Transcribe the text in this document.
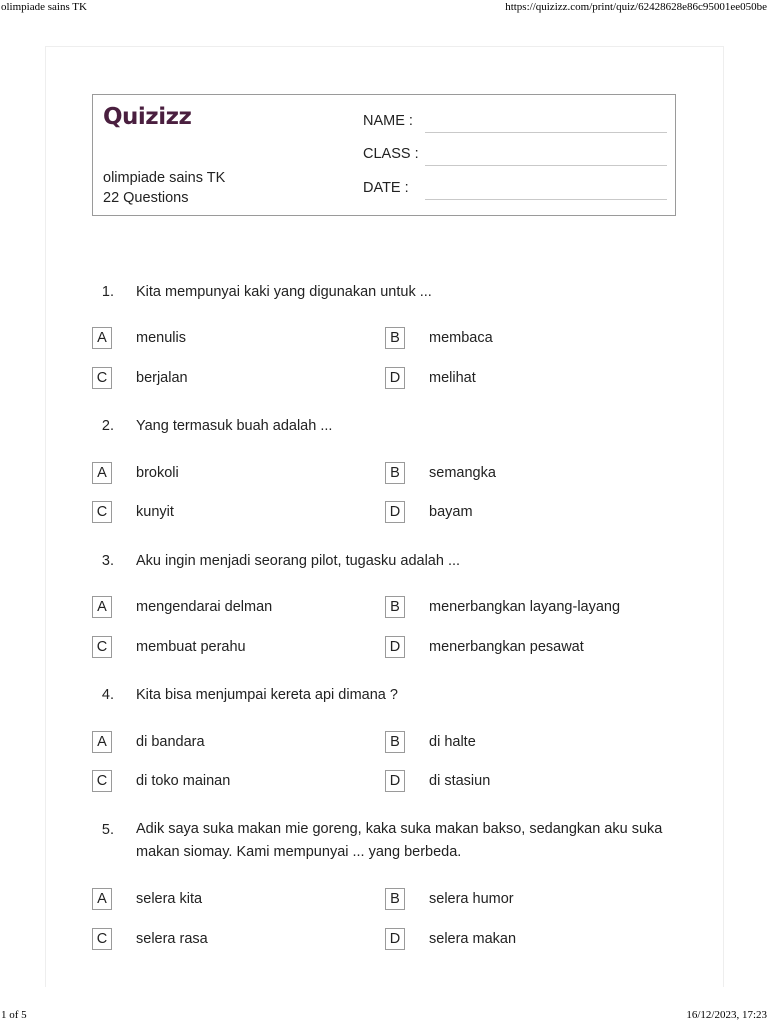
olimpiade sains TK	https://quizizz.com/print/quiz/62428628e86c95001ee050be
Quizizz
olimpiade sains TK
22 Questions
NAME :
CLASS :
DATE :
1. Kita mempunyai kaki yang digunakan untuk ...
A	menulis	B	membaca
C	berjalan	D	melihat
2. Yang termasuk buah adalah ...
A	brokoli	B	semangka
C	kunyit	D	bayam
3. Aku ingin menjadi seorang pilot, tugasku adalah ...
A	mengendarai delman	B	menerbangkan layang-layang
C	membuat perahu	D	menerbangkan pesawat
4. Kita bisa menjumpai kereta api dimana ?
A	di bandara	B	di halte
C	di toko mainan	D	di stasiun
5. Adik saya suka makan mie goreng, kaka suka makan bakso, sedangkan aku suka makan siomay. Kami mempunyai ... yang berbeda.
A	selera kita	B	selera humor
C	selera rasa	D	selera makan
1 of 5	16/12/2023, 17:23
